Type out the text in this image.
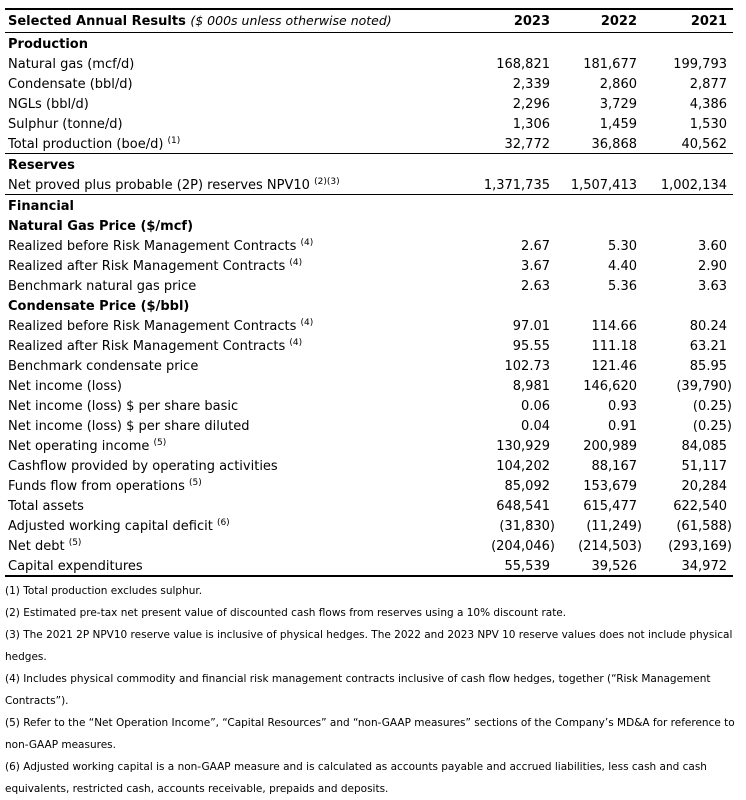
Selected Annual Results ($ 000s unless otherwise noted)	2023	2022	2021
Production			
Natural gas (mcf/d)	168,821	181,677	199,793
Condensate (bbl/d)	2,339	2,860	2,877
NGLs (bbl/d)	2,296	3,729	4,386
Sulphur (tonne/d)	1,306	1,459	1,530
Total production (boe/d) $^{(1)}$	32,772	36,868	40,562
Reserves			
Net proved plus probable (2P) reserves NPV10 $^{(2)(3)}$	1,371,735	1,507,413	1,002,134
Financial			
Natural Gas Price ($/mcf)			
Realized before Risk Management Contracts $^{(4)}$	2.67	5.30	3.60
Realized after Risk Management Contracts $^{(4)}$	3.67	4.40	2.90
Benchmark natural gas price	2.63	5.36	3.63
Condensate Price ($/bbl)			
Realized before Risk Management Contracts $^{(4)}$	97.01	114.66	80.24
Realized after Risk Management Contracts $^{(4)}$	95.55	111.18	63.21
Benchmark condensate price	102.73	121.46	85.95
Net income (loss)	8,981	146,620	(39,790)
Net income (loss) $ per share basic	0.06	0.93	(0.25)
Net income (loss) $ per share diluted	0.04	0.91	(0.25)
Net operating income $^{(5)}$	130,929	200,989	84,085
Cashflow provided by operating activities	104,202	88,167	51,117
Funds flow from operations $^{(5)}$	85,092	153,679	20,284
Total assets	648,541	615,477	622,540
Adjusted working capital deficit $^{(6)}$	(31,830)	(11,249)	(61,588)
Net debt $^{(5)}$	(204,046)	(214,503)	(293,169)
Capital expenditures	55,539	39,526	34,972

(1) Total production excludes sulphur.

(2) Estimated pre-tax net present value of discounted cash flows from reserves using a 10% discount rate.

(3) The 2021 2P NPV10 reserve value is inclusive of physical hedges. The 2022 and 2023 NPV 10 reserve values does not include physical hedges.

(4) Includes physical commodity and financial risk management contracts inclusive of cash flow hedges, together (“Risk Management Contracts”).

(5) Refer to the “Net Operation Income”, “Capital Resources” and “non-GAAP measures” sections of the Company’s MD&A for reference to non-GAAP measures.

(6) Adjusted working capital is a non-GAAP measure and is calculated as accounts payable and accrued liabilities, less cash and cash equivalents, restricted cash, accounts receivable, prepaids and deposits.
